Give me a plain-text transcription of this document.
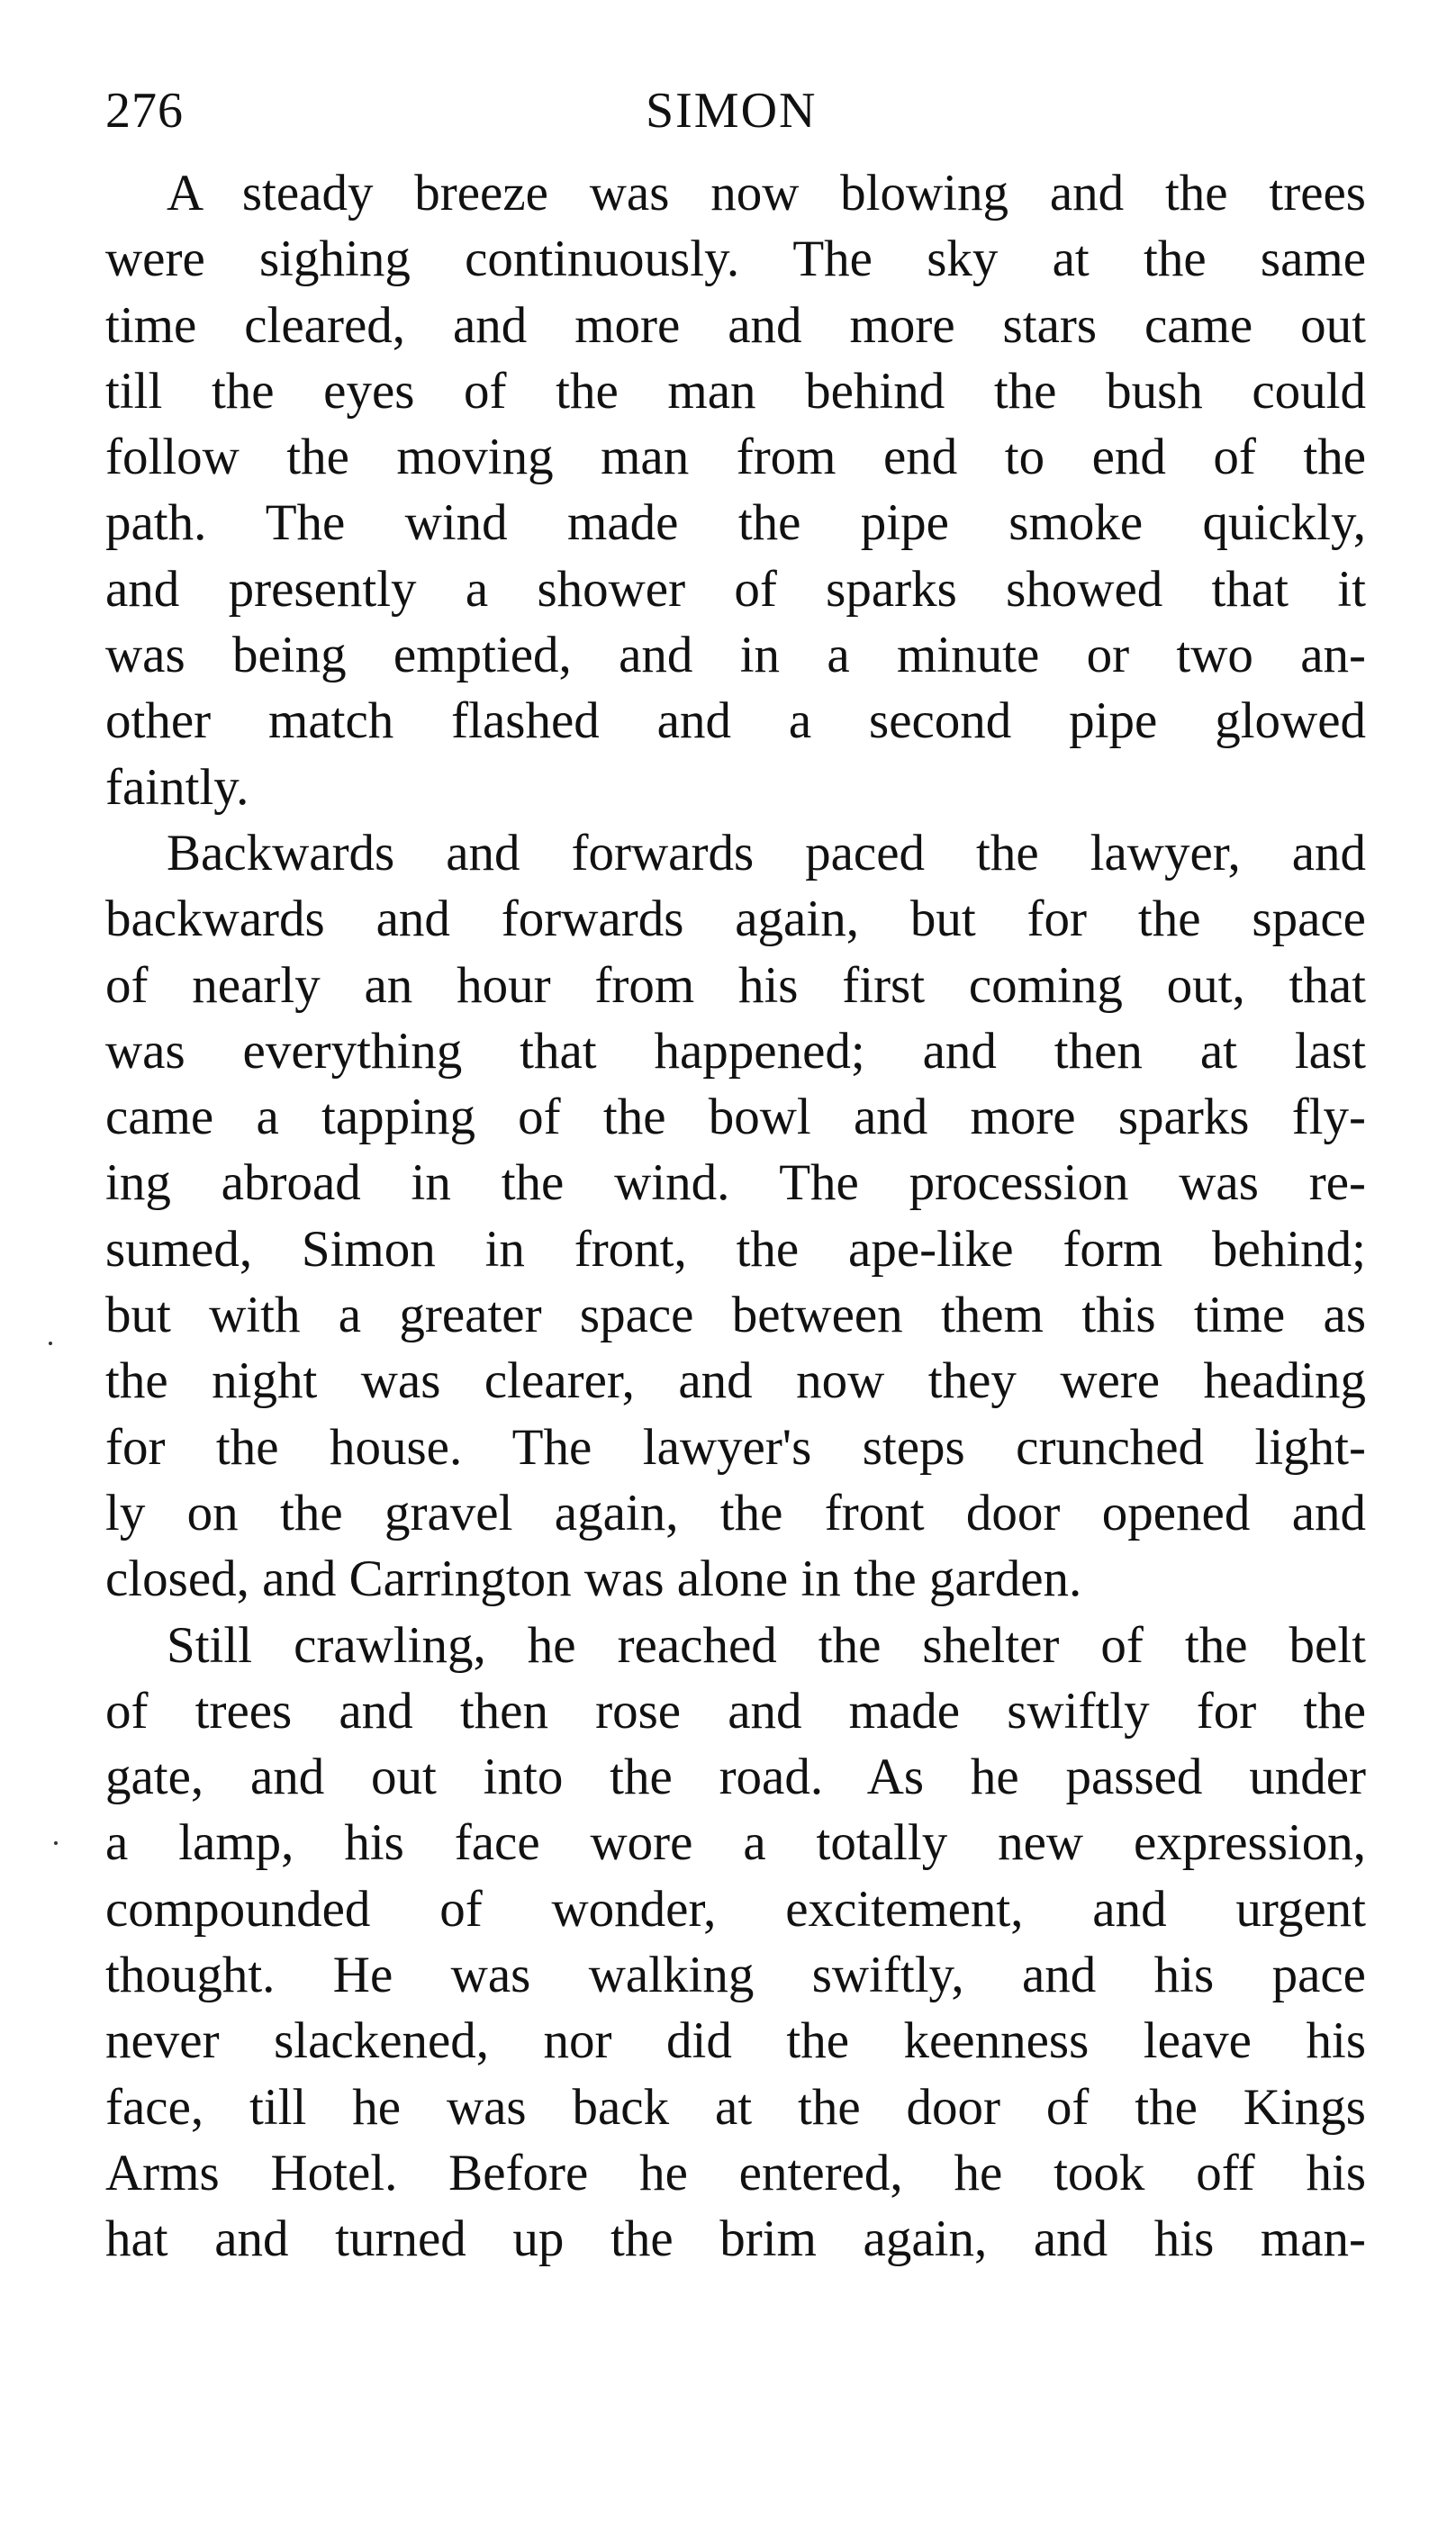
276	SIMON
A steady breeze was now blowing and the trees
were sighing continuously. The sky at the same
time cleared, and more and more stars came out
till the eyes of the man behind the bush could
follow the moving man from end to end of the
path. The wind made the pipe smoke quickly,
and presently a shower of sparks showed that it
was being emptied, and in a minute or two an-
other match flashed and a second pipe glowed
faintly.
Backwards and forwards paced the lawyer, and
backwards and forwards again, but for the space
of nearly an hour from his first coming out, that
was everything that happened; and then at last
came a tapping of the bowl and more sparks fly-
ing abroad in the wind. The procession was re-
sumed, Simon in front, the ape-like form behind;
but with a greater space between them this time as
the night was clearer, and now they were heading
for the house. The lawyer's steps crunched light-
ly on the gravel again, the front door opened and
closed, and Carrington was alone in the garden.
Still crawling, he reached the shelter of the belt
of trees and then rose and made swiftly for the
gate, and out into the road. As he passed under
a lamp, his face wore a totally new expression,
compounded of wonder, excitement, and urgent
thought. He was walking swiftly, and his pace
never slackened, nor did the keenness leave his
face, till he was back at the door of the Kings
Arms Hotel. Before he entered, he took off his
hat and turned up the brim again, and his man-
